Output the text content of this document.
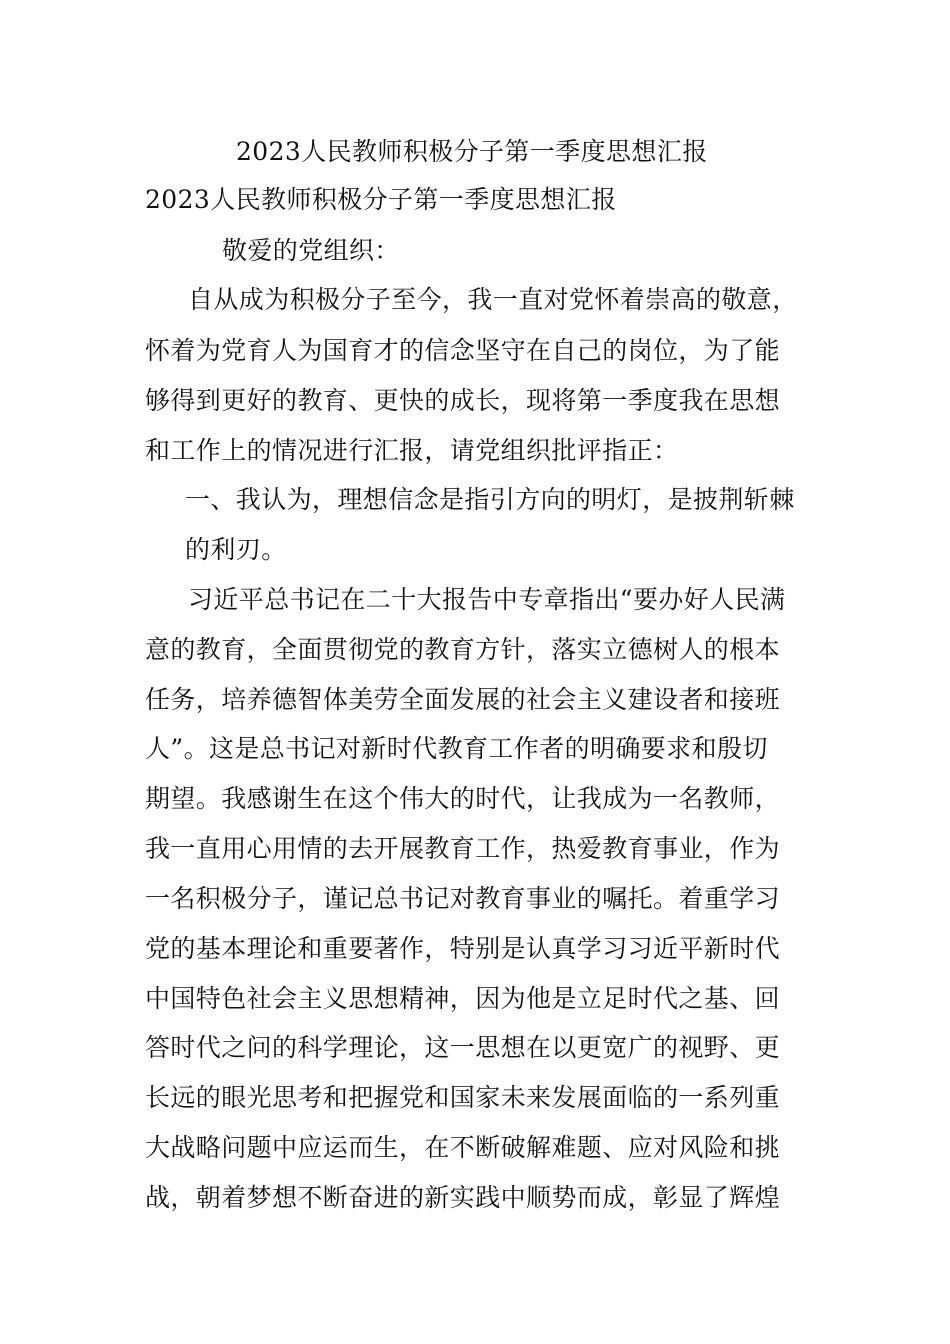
2023人民教师积极分子第一季度思想汇报
2023人民教师积极分子第一季度思想汇报
敬爱的党组织：
自从成为积极分子至今，我一直对党怀着崇高的敬意，
怀着为党育人为国育才的信念坚守在自己的岗位，为了能
够得到更好的教育、更快的成长，现将第一季度我在思想
和工作上的情况进行汇报，请党组织批评指正：
一、我认为，理想信念是指引方向的明灯，是披荆斩棘
的利刃。
习近平总书记在二十大报告中专章指出“要办好人民满
意的教育，全面贯彻党的教育方针，落实立德树人的根本
任务，培养德智体美劳全面发展的社会主义建设者和接班
人”。这是总书记对新时代教育工作者的明确要求和殷切
期望。我感谢生在这个伟大的时代，让我成为一名教师，
我一直用心用情的去开展教育工作，热爱教育事业，作为
一名积极分子，谨记总书记对教育事业的嘱托。着重学习
党的基本理论和重要著作，特别是认真学习习近平新时代
中国特色社会主义思想精神，因为他是立足时代之基、回
答时代之问的科学理论，这一思想在以更宽广的视野、更
长远的眼光思考和把握党和国家未来发展面临的一系列重
大战略问题中应运而生，在不断破解难题、应对风险和挑
战，朝着梦想不断奋进的新实践中顺势而成，彰显了辉煌
